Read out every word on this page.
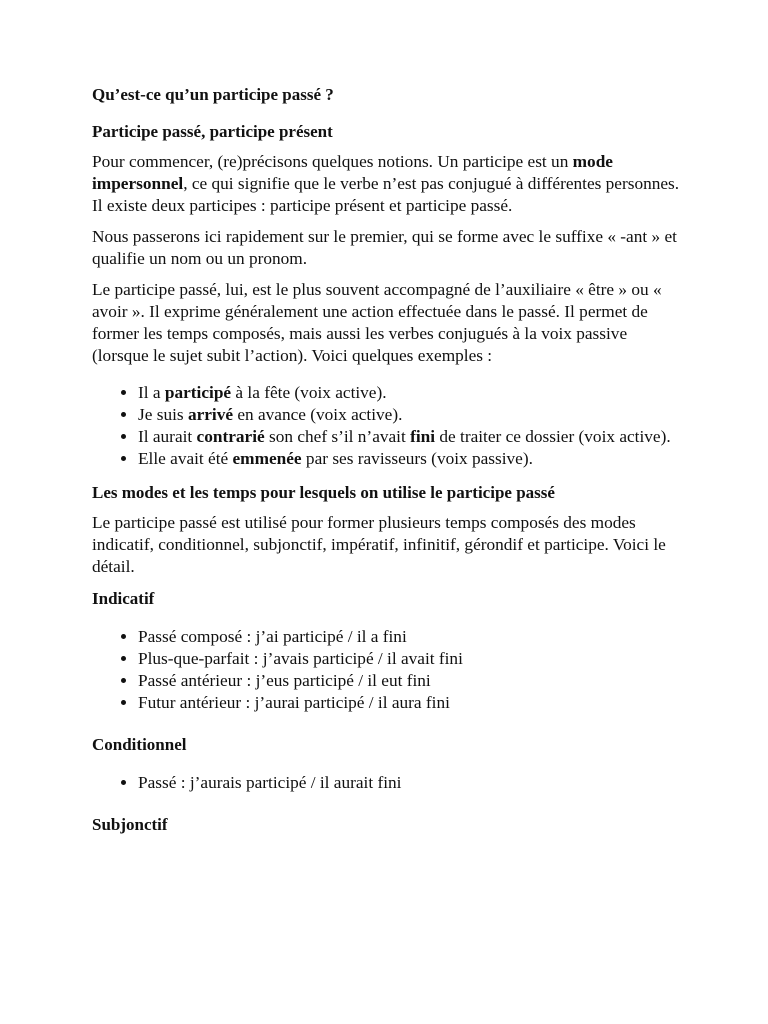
Qu’est-ce qu’un participe passé ?
Participe passé, participe présent

Pour commencer, (re)précisons quelques notions. Un participe est un mode impersonnel, ce qui signifie que le verbe n’est pas conjugué à différentes personnes. Il existe deux participes : participe présent et participe passé.

Nous passerons ici rapidement sur le premier, qui se forme avec le suffixe « -ant » et qualifie un nom ou un pronom.

Le participe passé, lui, est le plus souvent accompagné de l’auxiliaire « être » ou « avoir ». Il exprime généralement une action effectuée dans le passé. Il permet de former les temps composés, mais aussi les verbes conjugués à la voix passive (lorsque le sujet subit l’action). Voici quelques exemples :

• Il a participé à la fête (voix active).
• Je suis arrivé en avance (voix active).
• Il aurait contrarié son chef s’il n’avait fini de traiter ce dossier (voix active).
• Elle avait été emmenée par ses ravisseurs (voix passive).
Les modes et les temps pour lesquels on utilise le participe passé

Le participe passé est utilisé pour former plusieurs temps composés des modes indicatif, conditionnel, subjonctif, impératif, infinitif, gérondif et participe. Voici le détail.

Indicatif
• Passé composé : j’ai participé / il a fini
• Plus-que-parfait : j’avais participé / il avait fini
• Passé antérieur : j’eus participé / il eut fini
• Futur antérieur : j’aurai participé / il aura fini
Conditionnel
• Passé : j’aurais participé / il aurait fini
Subjonctif
